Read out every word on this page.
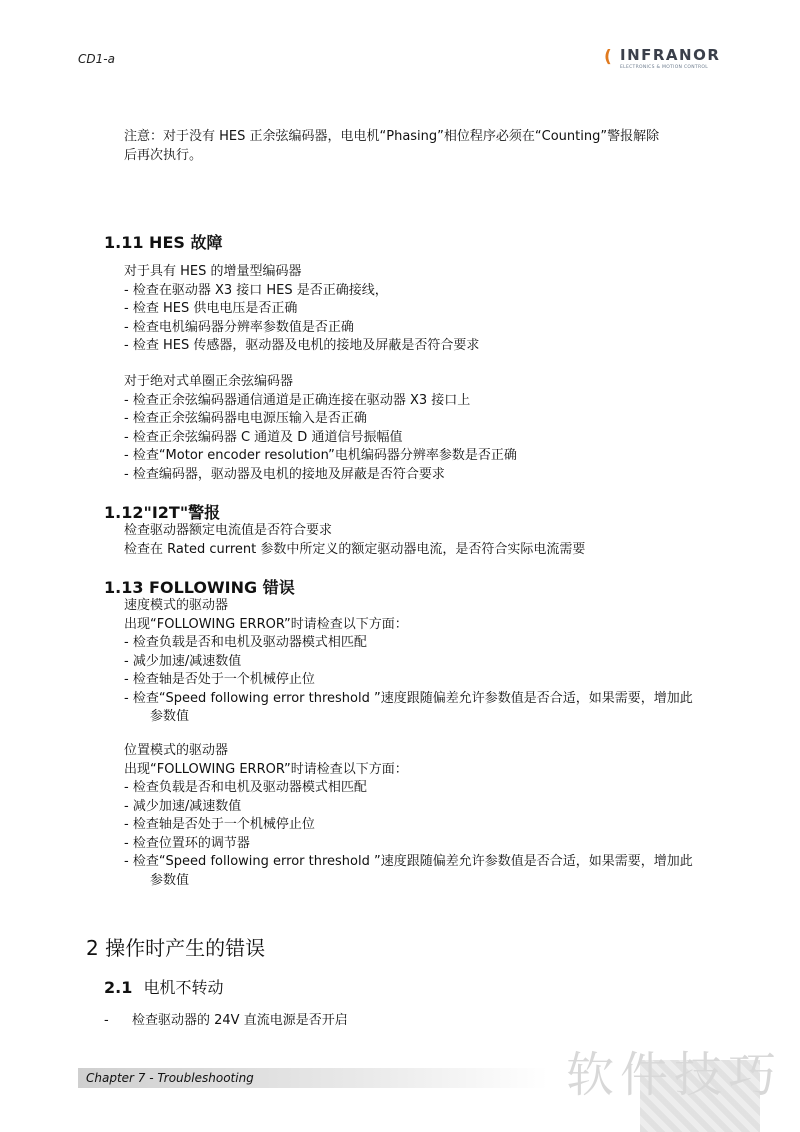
CD1-a	( INFRANOR
ELECTRONICS & MOTION CONTROL
注意：对于没有 HES 正余弦编码器，电电机“Phasing”相位程序必须在“Counting”警报解除
后再次执行。
1.11 HES 故障
对于具有 HES 的增量型编码器
- 检查在驱动器 X3 接口 HES 是否正确接线，
- 检查 HES 供电电压是否正确
- 检查电机编码器分辨率参数值是否正确
- 检查 HES 传感器，驱动器及电机的接地及屏蔽是否符合要求
对于绝对式单圈正余弦编码器
- 检查正余弦编码器通信通道是正确连接在驱动器 X3 接口上
- 检查正余弦编码器电电源压输入是否正确
- 检查正余弦编码器 C 通道及 D 通道信号振幅值
- 检查“Motor encoder resolution”电机编码器分辨率参数是否正确
- 检查编码器，驱动器及电机的接地及屏蔽是否符合要求
1.12"I2T"警报
检查驱动器额定电流值是否符合要求
检查在 Rated current 参数中所定义的额定驱动器电流，是否符合实际电流需要
1.13 FOLLOWING 错误
速度模式的驱动器
出现“FOLLOWING ERROR”时请检查以下方面：
- 检查负载是否和电机及驱动器模式相匹配
- 减少加速/减速数值
- 检查轴是否处于一个机械停止位
- 检查“Speed following error threshold ”速度跟随偏差允许参数值是否合适，如果需要，增加此
参数值
位置模式的驱动器
出现“FOLLOWING ERROR”时请检查以下方面：
- 检查负载是否和电机及驱动器模式相匹配
- 减少加速/减速数值
- 检查轴是否处于一个机械停止位
- 检查位置环的调节器
- 检查“Speed following error threshold ”速度跟随偏差允许参数值是否合适，如果需要，增加此
参数值
2 操作时产生的错误
2.1 电机不转动
- 检查驱动器的 24V 直流电源是否开启
Chapter 7 - Troubleshooting	软件技巧
